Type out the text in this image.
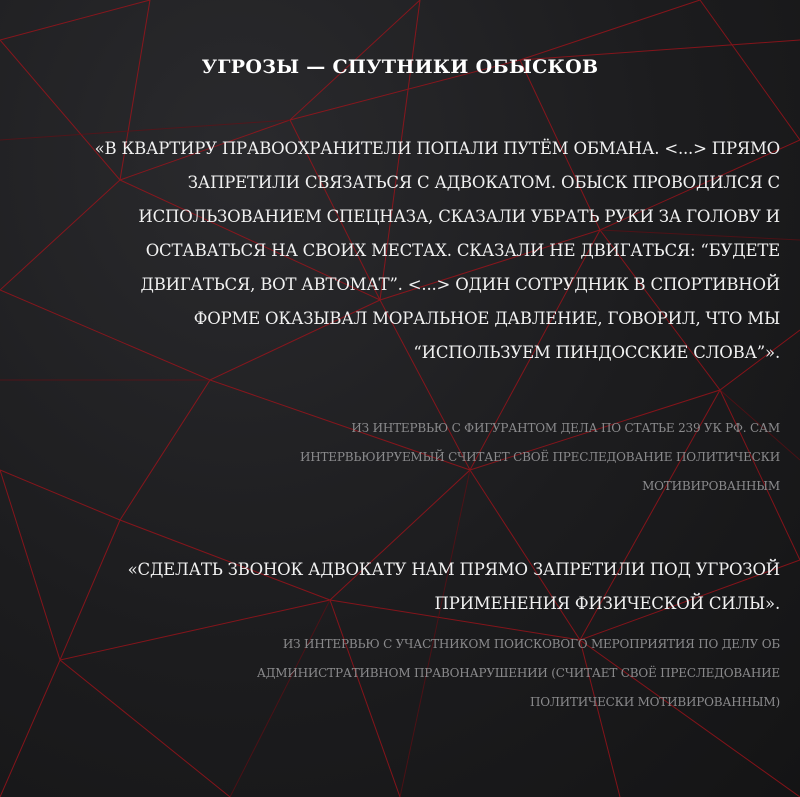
УГРОЗЫ — СПУТНИКИ ОБЫСКОВ
«В КВАРТИРУ ПРАВООХРАНИТЕЛИ ПОПАЛИ ПУТЁМ ОБМАНА. <...> ПРЯМО
ЗАПРЕТИЛИ СВЯЗАТЬСЯ С АДВОКАТОМ. ОБЫСК ПРОВОДИЛСЯ С
ИСПОЛЬЗОВАНИЕМ СПЕЦНАЗА, СКАЗАЛИ УБРАТЬ РУКИ ЗА ГОЛОВУ И
ОСТАВАТЬСЯ НА СВОИХ МЕСТАХ. СКАЗАЛИ НЕ ДВИГАТЬСЯ: “БУДЕТЕ
ДВИГАТЬСЯ, ВОТ АВТОМАТ”. <...> ОДИН СОТРУДНИК В СПОРТИВНОЙ
ФОРМЕ ОКАЗЫВАЛ МОРАЛЬНОЕ ДАВЛЕНИЕ, ГОВОРИЛ, ЧТО МЫ
“ИСПОЛЬЗУЕМ ПИНДОССКИЕ СЛОВА”».
ИЗ ИНТЕРВЬЮ С ФИГУРАНТОМ ДЕЛА ПО СТАТЬЕ 239 УК РФ. САМ
ИНТЕРВЬЮИРУЕМЫЙ СЧИТАЕТ СВОЁ ПРЕСЛЕДОВАНИЕ ПОЛИТИЧЕСКИ
МОТИВИРОВАННЫМ
«СДЕЛАТЬ ЗВОНОК АДВОКАТУ НАМ ПРЯМО ЗАПРЕТИЛИ ПОД УГРОЗОЙ
ПРИМЕНЕНИЯ ФИЗИЧЕСКОЙ СИЛЫ».
ИЗ ИНТЕРВЬЮ С УЧАСТНИКОМ ПОИСКОВОГО МЕРОПРИЯТИЯ ПО ДЕЛУ ОБ
АДМИНИСТРАТИВНОМ ПРАВОНАРУШЕНИИ (СЧИТАЕТ СВОЁ ПРЕСЛЕДОВАНИЕ
ПОЛИТИЧЕСКИ МОТИВИРОВАННЫМ)
